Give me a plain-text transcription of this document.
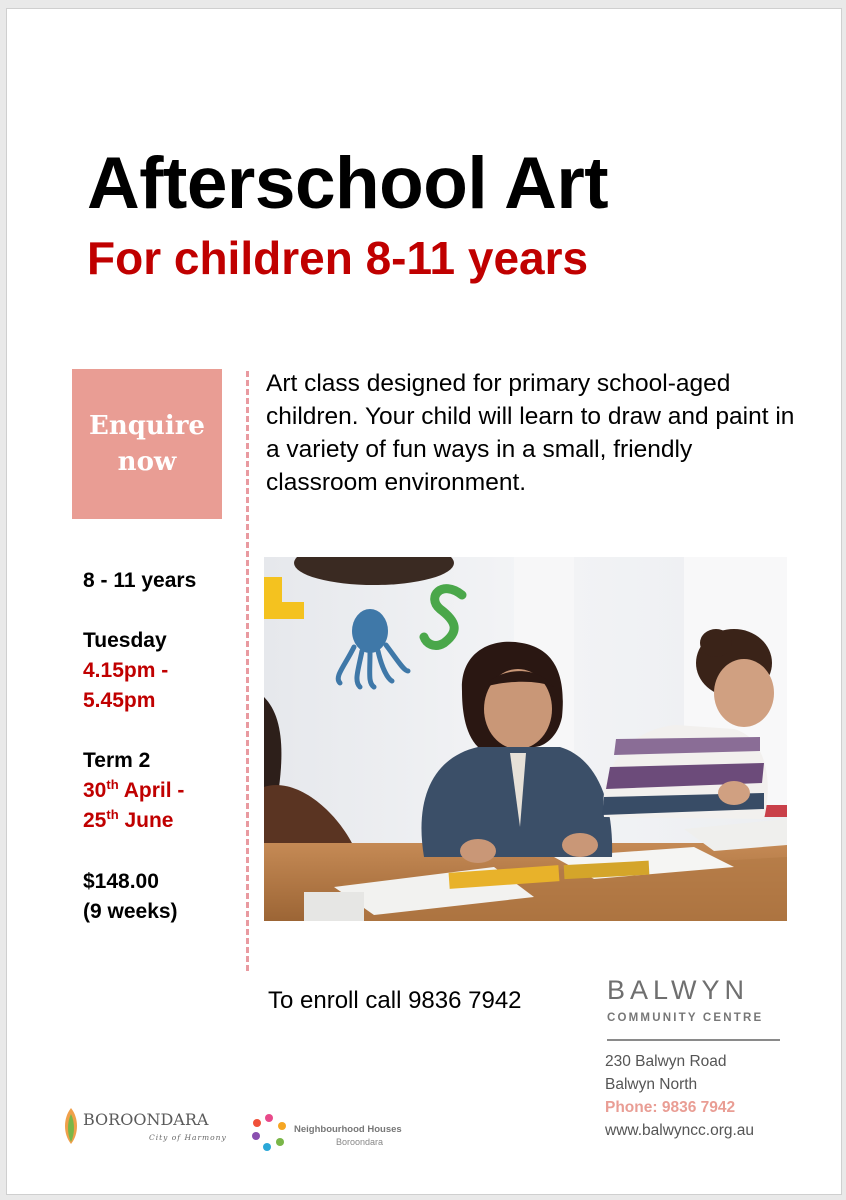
Afterschool Art
For children 8-11 years
Enquire
now
Art class designed for primary school-aged children. Your child will learn to draw and paint in a variety of fun ways in a small, friendly classroom environment.
8 - 11 years
Tuesday
4.15pm -
5.45pm
Term 2
30th April -
25th June
$148.00
(9 weeks)
To enroll call 9836 7942	BALWYN
COMMUNITY CENTRE
230 Balwyn Road
Balwyn North
Phone: 9836 7942
www.balwyncc.org.au
BOROONDARA
City of Harmony
Neighbourhood Houses
Boroondara
